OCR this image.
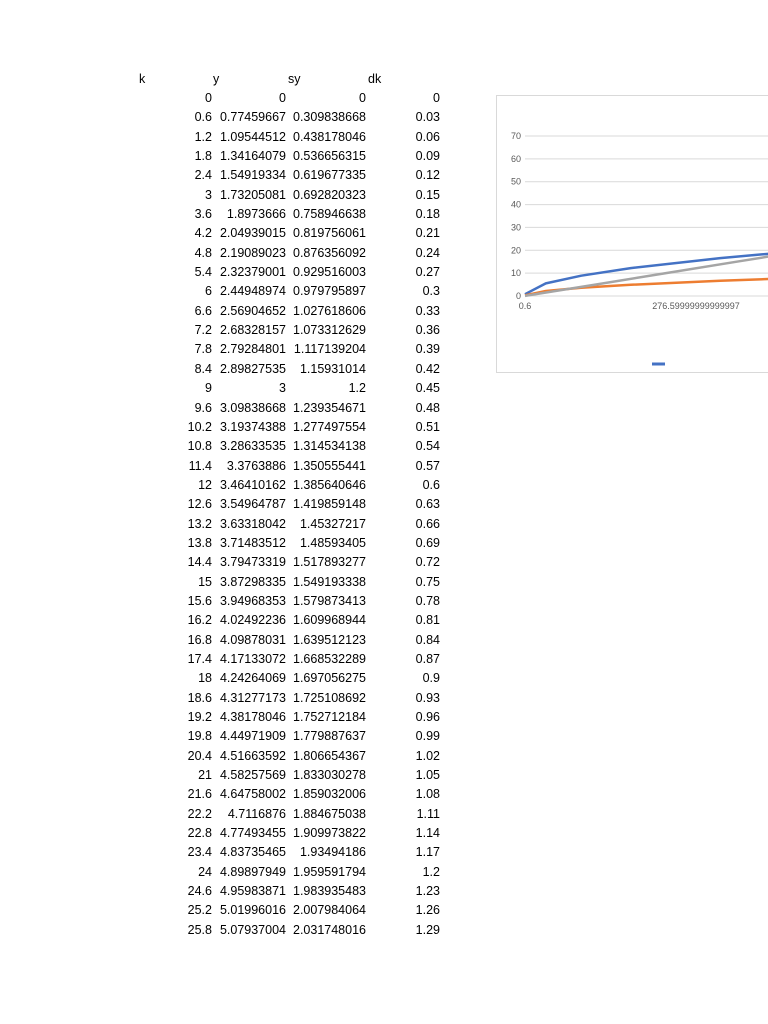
k	y	sy	dk
0	0	0	0
0.6 0.77459667 0.309838668	0.03
1.2 1.09544512 0.438178046	0.06
1.8 1.34164079 0.536656315	0.09
2.4 1.54919334 0.619677335	0.12
3 1.73205081 0.692820323	0.15
3.6	1.8973666 0.758946638	0.18
4.2 2.04939015 0.819756061	0.21
4.8 2.19089023 0.876356092	0.24
5.4 2.32379001 0.929516003	0.27
6 2.44948974 0.979795897	0.3
6.6 2.56904652 1.027618606	0.33
7.2 2.68328157 1.073312629	0.36
7.8 2.79284801 1.117139204	0.39
8.4 2.89827535	1.15931014	0.42
9	3	1.2	0.45
9.6 3.09838668 1.239354671	0.48
10.2 3.19374388 1.277497554	0.51
10.8 3.28633535 1.314534138	0.54
11.4	3.3763886 1.350555441	0.57
12 3.46410162 1.385640646	0.6
12.6 3.54964787 1.419859148	0.63
13.2 3.63318042	1.45327217	0.66
13.8 3.71483512	1.48593405	0.69
14.4 3.79473319 1.517893277	0.72
15 3.87298335 1.549193338	0.75
15.6 3.94968353 1.579873413	0.78
16.2 4.02492236 1.609968944	0.81
16.8 4.09878031 1.639512123	0.84
17.4 4.17133072 1.668532289	0.87
18 4.24264069 1.697056275	0.9
18.6 4.31277173 1.725108692	0.93
19.2 4.38178046 1.752712184	0.96
19.8 4.44971909 1.779887637	0.99
20.4 4.51663592 1.806654367	1.02
21 4.58257569 1.833030278	1.05
21.6 4.64758002 1.859032006	1.08
22.2	4.7116876 1.884675038	1.11
22.8 4.77493455 1.909973822	1.14
23.4 4.83735465	1.93494186	1.17
24 4.89897949 1.959591794	1.2
24.6 4.95983871 1.983935483	1.23
25.2 5.01996016 2.007984064	1.26
25.8 5.07937004 2.031748016	1.29
0
10
20
30
40
50
60
70
0.6	276.59999999999997
